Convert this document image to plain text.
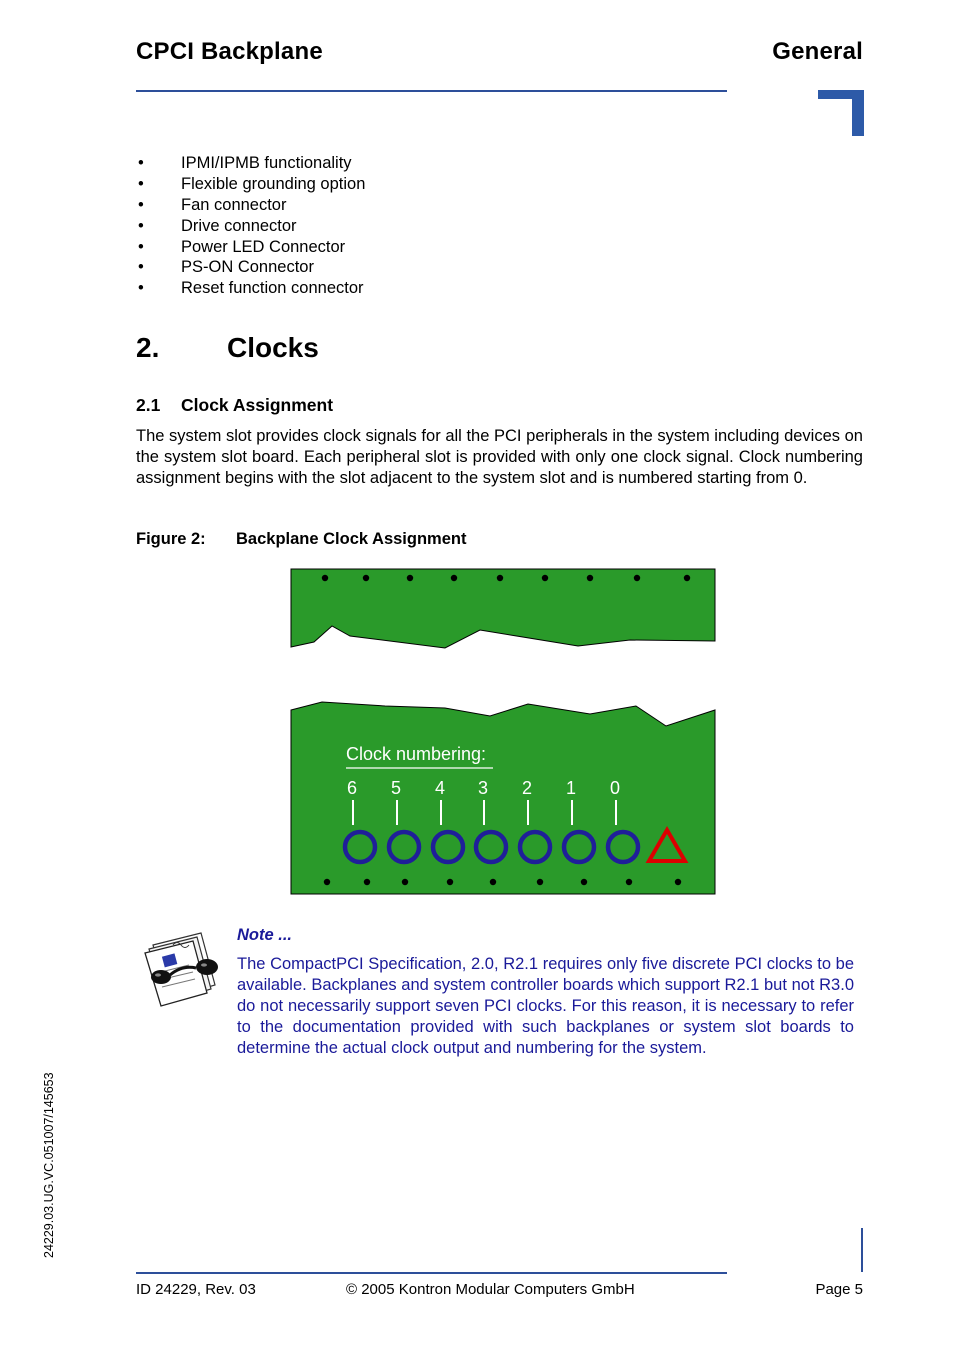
CPCI Backplane	General
• IPMI/IPMB functionality
• Flexible grounding option
• Fan connector
• Drive connector
• Power LED Connector
• PS-ON Connector
• Reset function connector
2. Clocks
2.1 Clock Assignment
The system slot provides clock signals for all the PCI peripherals in the system including devices on the system slot board. Each peripheral slot is provided with only one clock signal. Clock numbering assignment begins with the slot adjacent to the system slot and is numbered starting from 0.
Figure 2: Backplane Clock Assignment
Clock numbering:
6 5 4 3 2 1 0
Note ...
The CompactPCI Specification, 2.0, R2.1 requires only five discrete PCI clocks to be available. Backplanes and system controller boards which support R2.1 but not R3.0 do not necessarily support seven PCI clocks. For this reason, it is necessary to refer to the documentation provided with such backplanes or system slot boards to determine the actual clock output and numbering for the system.
24229.03.UG.VC.051007/145653
ID 24229, Rev. 03	© 2005 Kontron Modular Computers GmbH	Page 5
